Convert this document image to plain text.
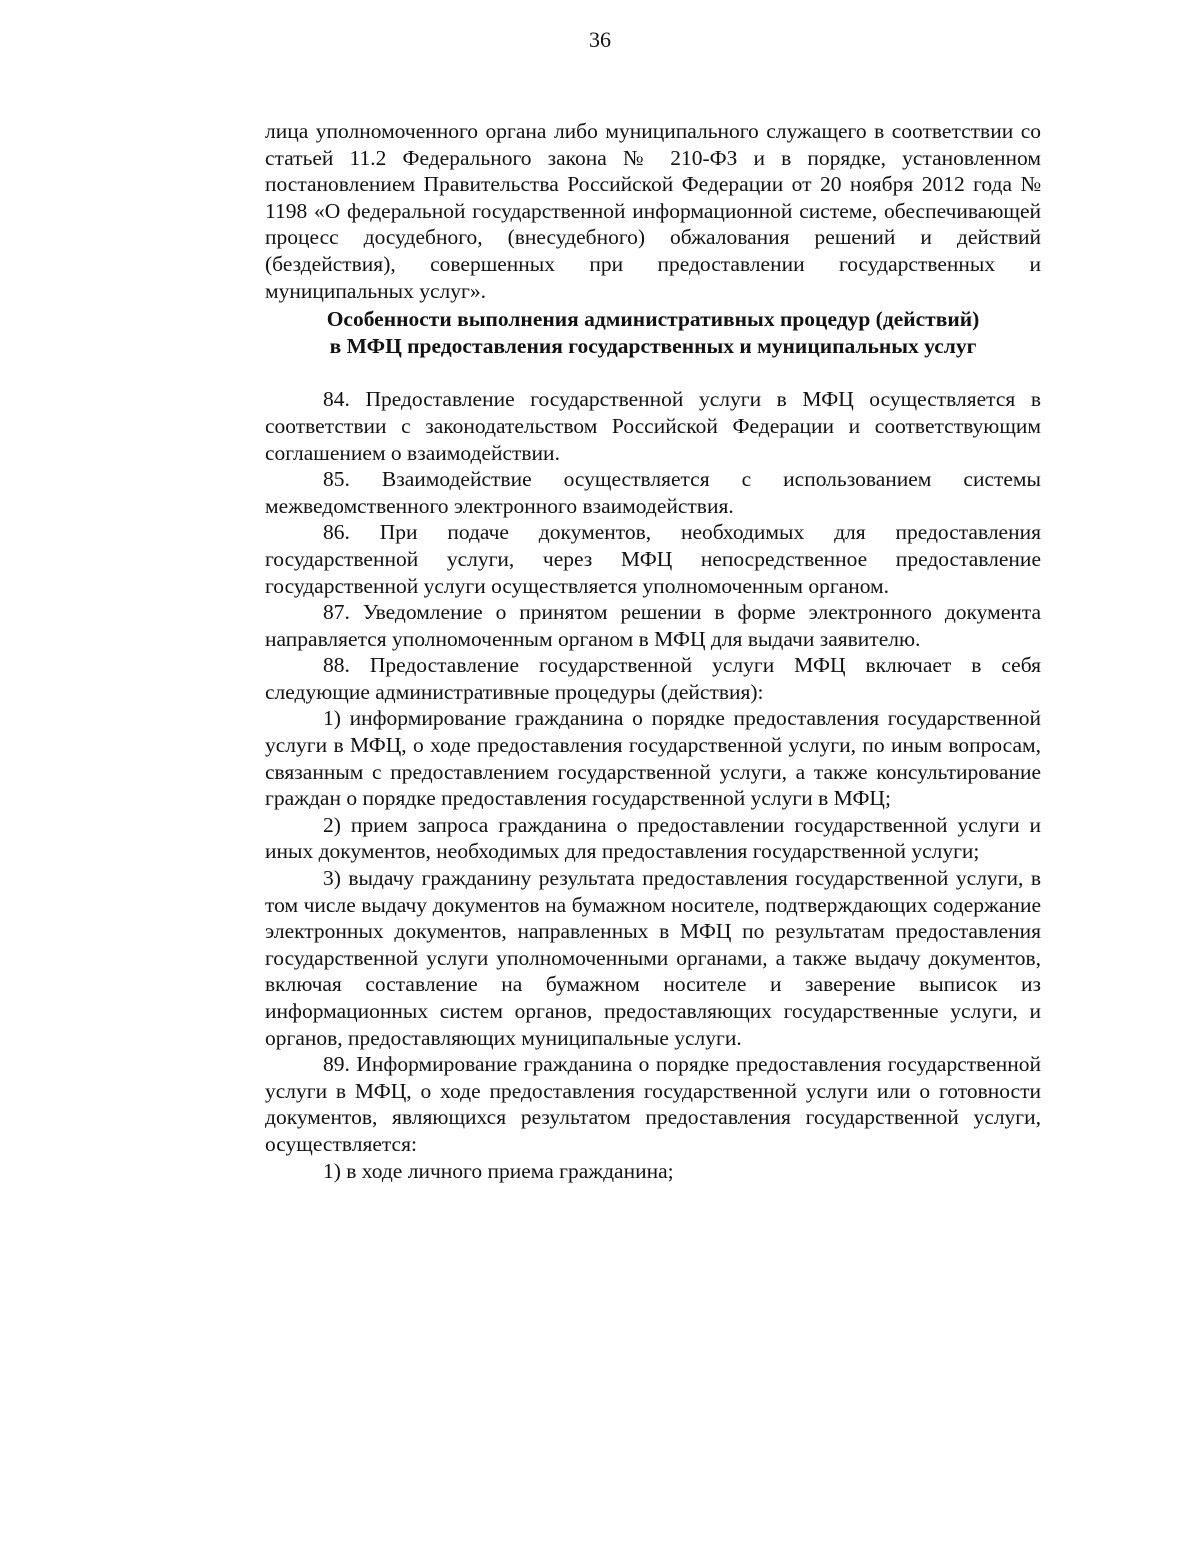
36

лица уполномоченного органа либо муниципального служащего в соответствии со статьей 11.2 Федерального закона № 210-ФЗ и в порядке, установленном постановлением Правительства Российской Федерации от 20 ноября 2012 года № 1198 «О федеральной государственной информационной системе, обеспечивающей процесс досудебного, (внесудебного) обжалования решений и действий (бездействия), совершенных при предоставлении государственных и муниципальных услуг».

Особенности выполнения административных процедур (действий)
в МФЦ предоставления государственных и муниципальных услуг

84. Предоставление государственной услуги в МФЦ осуществляется в соответствии с законодательством Российской Федерации и соответствующим соглашением о взаимодействии.

85. Взаимодействие осуществляется с использованием системы межведомственного электронного взаимодействия.

86. При подаче документов, необходимых для предоставления государственной услуги, через МФЦ непосредственное предоставление государственной услуги осуществляется уполномоченным органом.

87. Уведомление о принятом решении в форме электронного документа направляется уполномоченным органом в МФЦ для выдачи заявителю.

88. Предоставление государственной услуги МФЦ включает в себя следующие административные процедуры (действия):

1) информирование гражданина о порядке предоставления государственной услуги в МФЦ, о ходе предоставления государственной услуги, по иным вопросам, связанным с предоставлением государственной услуги, а также консультирование граждан о порядке предоставления государственной услуги в МФЦ;

2) прием запроса гражданина о предоставлении государственной услуги и иных документов, необходимых для предоставления государственной услуги;

3) выдачу гражданину результата предоставления государственной услуги, в том числе выдачу документов на бумажном носителе, подтверждающих содержание электронных документов, направленных в МФЦ по результатам предоставления государственной услуги уполномоченными органами, а также выдачу документов, включая составление на бумажном носителе и заверение выписок из информационных систем органов, предоставляющих государственные услуги, и органов, предоставляющих муниципальные услуги.

89. Информирование гражданина о порядке предоставления государственной услуги в МФЦ, о ходе предоставления государственной услуги или о готовности документов, являющихся результатом предоставления государственной услуги, осуществляется:

1) в ходе личного приема гражданина;
